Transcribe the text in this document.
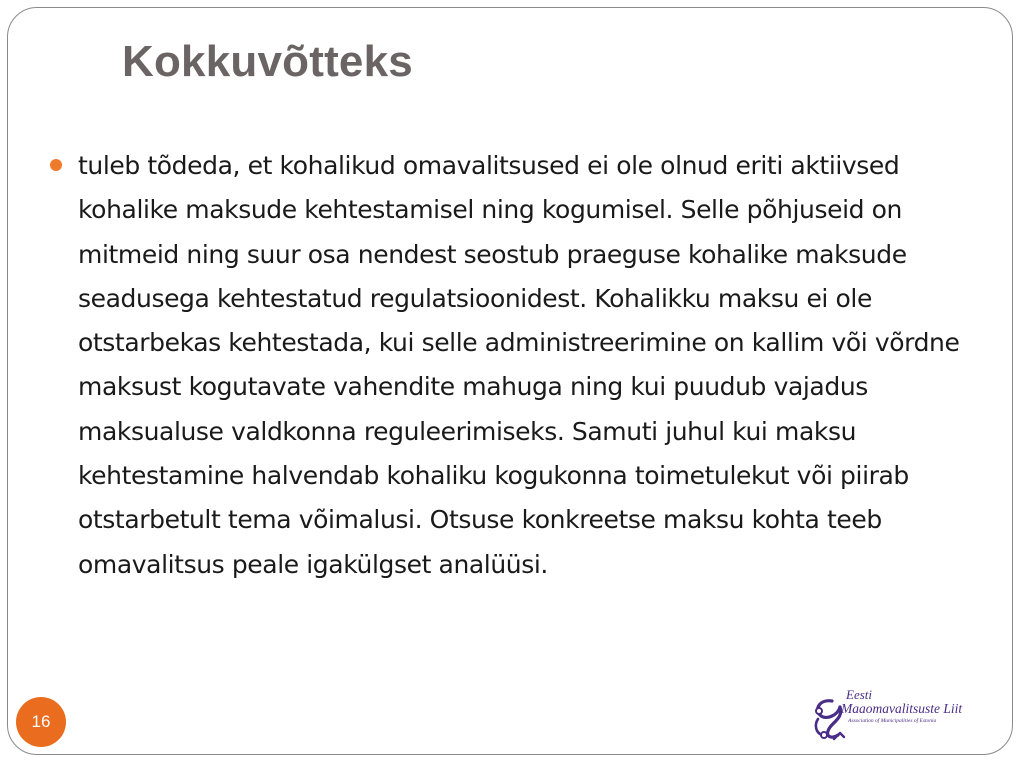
Kokkuvõtteks

tuleb tõdeda, et kohalikud omavalitsused ei ole olnud eriti aktiivsed kohalike maksude kehtestamisel ning kogumisel. Selle põhjuseid on mitmeid ning suur osa nendest seostub praeguse kohalike maksude seadusega kehtestatud regulatsioonidest. Kohalikku maksu ei ole otstarbekas kehtestada, kui selle administreerimine on kallim või võrdne maksust kogutavate vahendite mahuga ning kui puudub vajadus maksualuse valdkonna reguleerimiseks. Samuti juhul kui maksu kehtestamine halvendab kohaliku kogukonna toimetulekut või piirab otstarbetult tema võimalusi. Otsuse konkreetse maksu kohta teeb omavalitsus peale igakülgset analüüsi.

16
Eesti
Maaomavalitsuste Liit
Association of Municipalities of Estonia
